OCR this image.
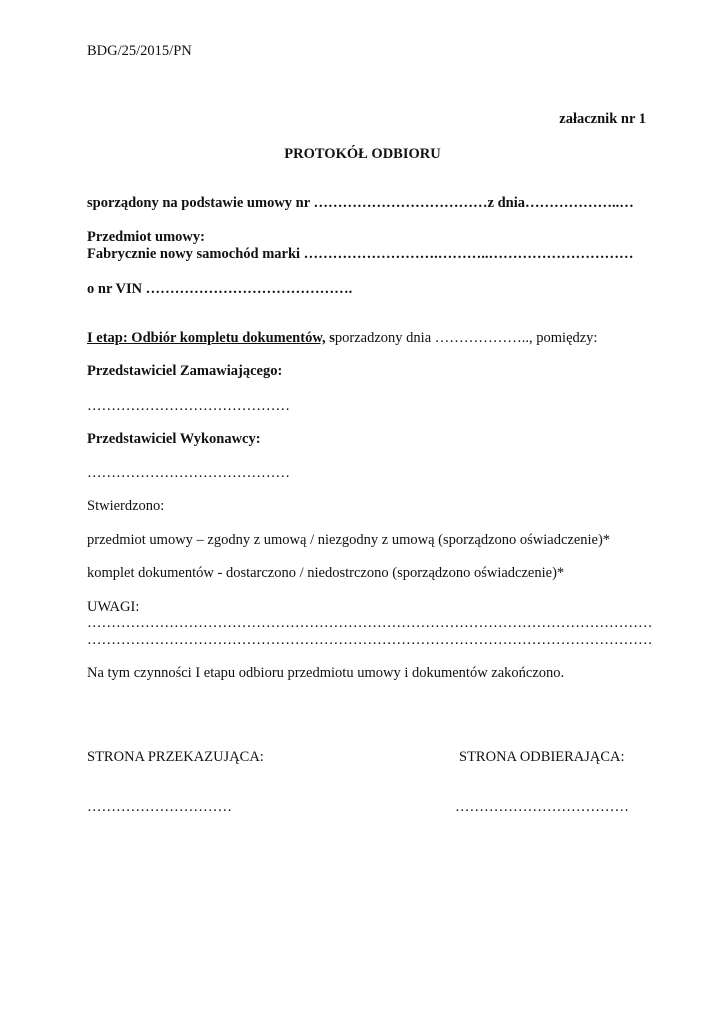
BDG/25/2015/PN
załacznik nr 1
PROTOKÓŁ ODBIORU
sporządony na podstawie umowy nr ………………………………z dnia………………..…
Przedmiot umowy:
Fabrycznie nowy samochód marki ……………………….………..…………………………
o nr VIN …………………………………….
I etap: Odbiór kompletu dokumentów, sporzadzony dnia ……………….., pomiędzy:
Przedstawiciel Zamawiającego:
……………………………………
Przedstawiciel Wykonawcy:
……………………………………
Stwierdzono:
przedmiot umowy – zgodny z umową / niezgodny z umową (sporządzono oświadczenie)*
komplet dokumentów - dostarczono / niedostrczono (sporządzono oświadczenie)*
UWAGI:
………………………………………………………………………………………………………
………………………………………………………………………………………………………
Na tym czynności I etapu odbioru przedmiotu umowy i dokumentów zakończono.
STRONA PRZEKAZUJĄCA:	STRONA ODBIERAJĄCA:
…………………………	………………………………
